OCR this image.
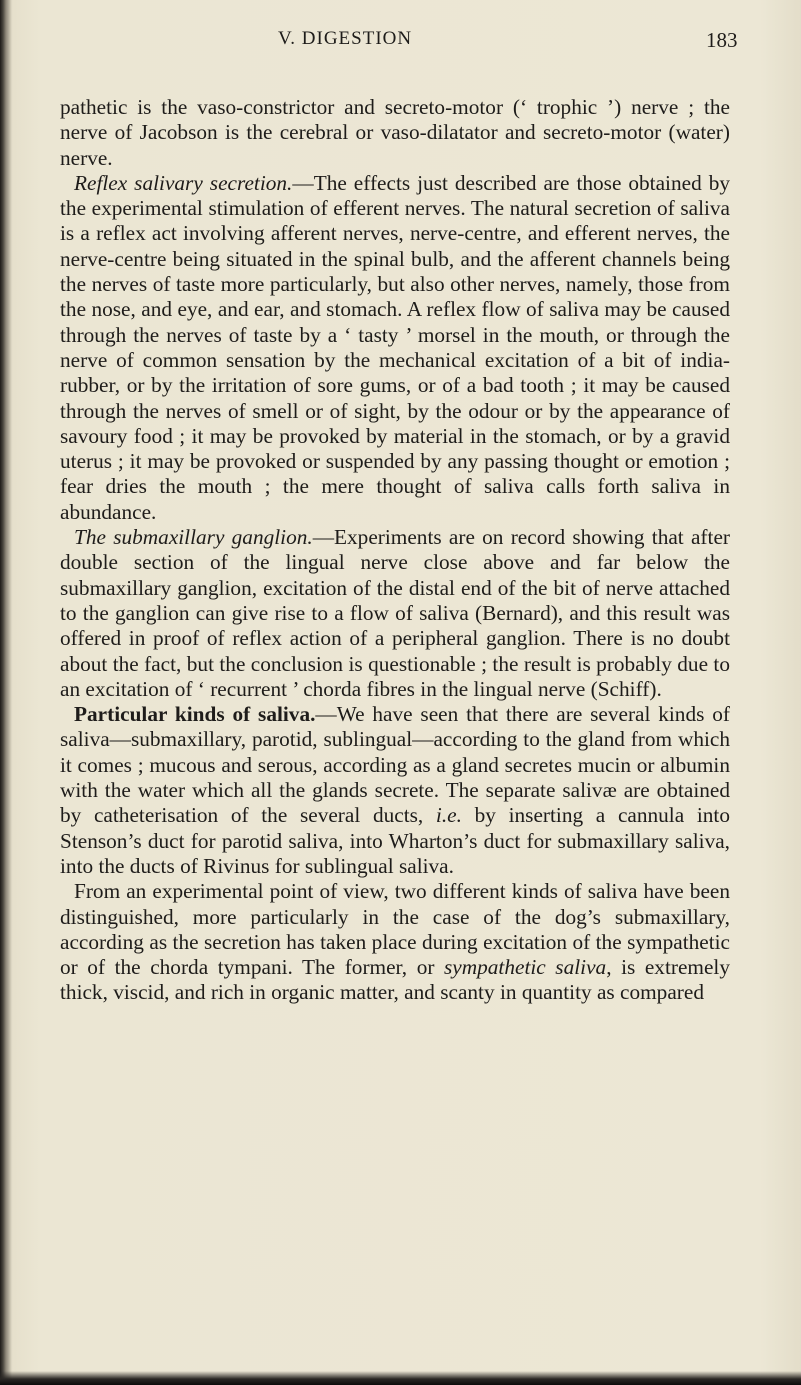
V. DIGESTION	183

pathetic is the vaso-constrictor and secreto-motor (‘ trophic ’) nerve ; the nerve of Jacobson is the cerebral or vaso-dilatator and secreto-motor (water) nerve.

Reflex salivary secretion.—The effects just described are those obtained by the experimental stimulation of efferent nerves. The natural secretion of saliva is a reflex act involving afferent nerves, nerve-centre, and efferent nerves, the nerve-centre being situated in the spinal bulb, and the afferent channels being the nerves of taste more particularly, but also other nerves, namely, those from the nose, and eye, and ear, and stomach. A reflex flow of saliva may be caused through the nerves of taste by a ‘ tasty ’ morsel in the mouth, or through the nerve of common sensation by the mechanical excitation of a bit of india-rubber, or by the irritation of sore gums, or of a bad tooth ; it may be caused through the nerves of smell or of sight, by the odour or by the appearance of savoury food ; it may be provoked by material in the stomach, or by a gravid uterus ; it may be provoked or suspended by any passing thought or emotion ; fear dries the mouth ; the mere thought of saliva calls forth saliva in abundance.

The submaxillary ganglion.—Experiments are on record showing that after double section of the lingual nerve close above and far below the submaxillary ganglion, excitation of the distal end of the bit of nerve attached to the ganglion can give rise to a flow of saliva (Bernard), and this result was offered in proof of reflex action of a peripheral ganglion. There is no doubt about the fact, but the conclusion is questionable ; the result is probably due to an excitation of ‘ recurrent ’ chorda fibres in the lingual nerve (Schiff).

Particular kinds of saliva.—We have seen that there are several kinds of saliva—submaxillary, parotid, sublingual—according to the gland from which it comes ; mucous and serous, according as a gland secretes mucin or albumin with the water which all the glands secrete. The separate salivæ are obtained by catheterisation of the several ducts, i.e. by inserting a cannula into Stenson’s duct for parotid saliva, into Wharton’s duct for submaxillary saliva, into the ducts of Rivinus for sublingual saliva.

From an experimental point of view, two different kinds of saliva have been distinguished, more particularly in the case of the dog’s submaxillary, according as the secretion has taken place during excitation of the sympathetic or of the chorda tympani. The former, or sympathetic saliva, is extremely thick, viscid, and rich in organic matter, and scanty in quantity as compared
